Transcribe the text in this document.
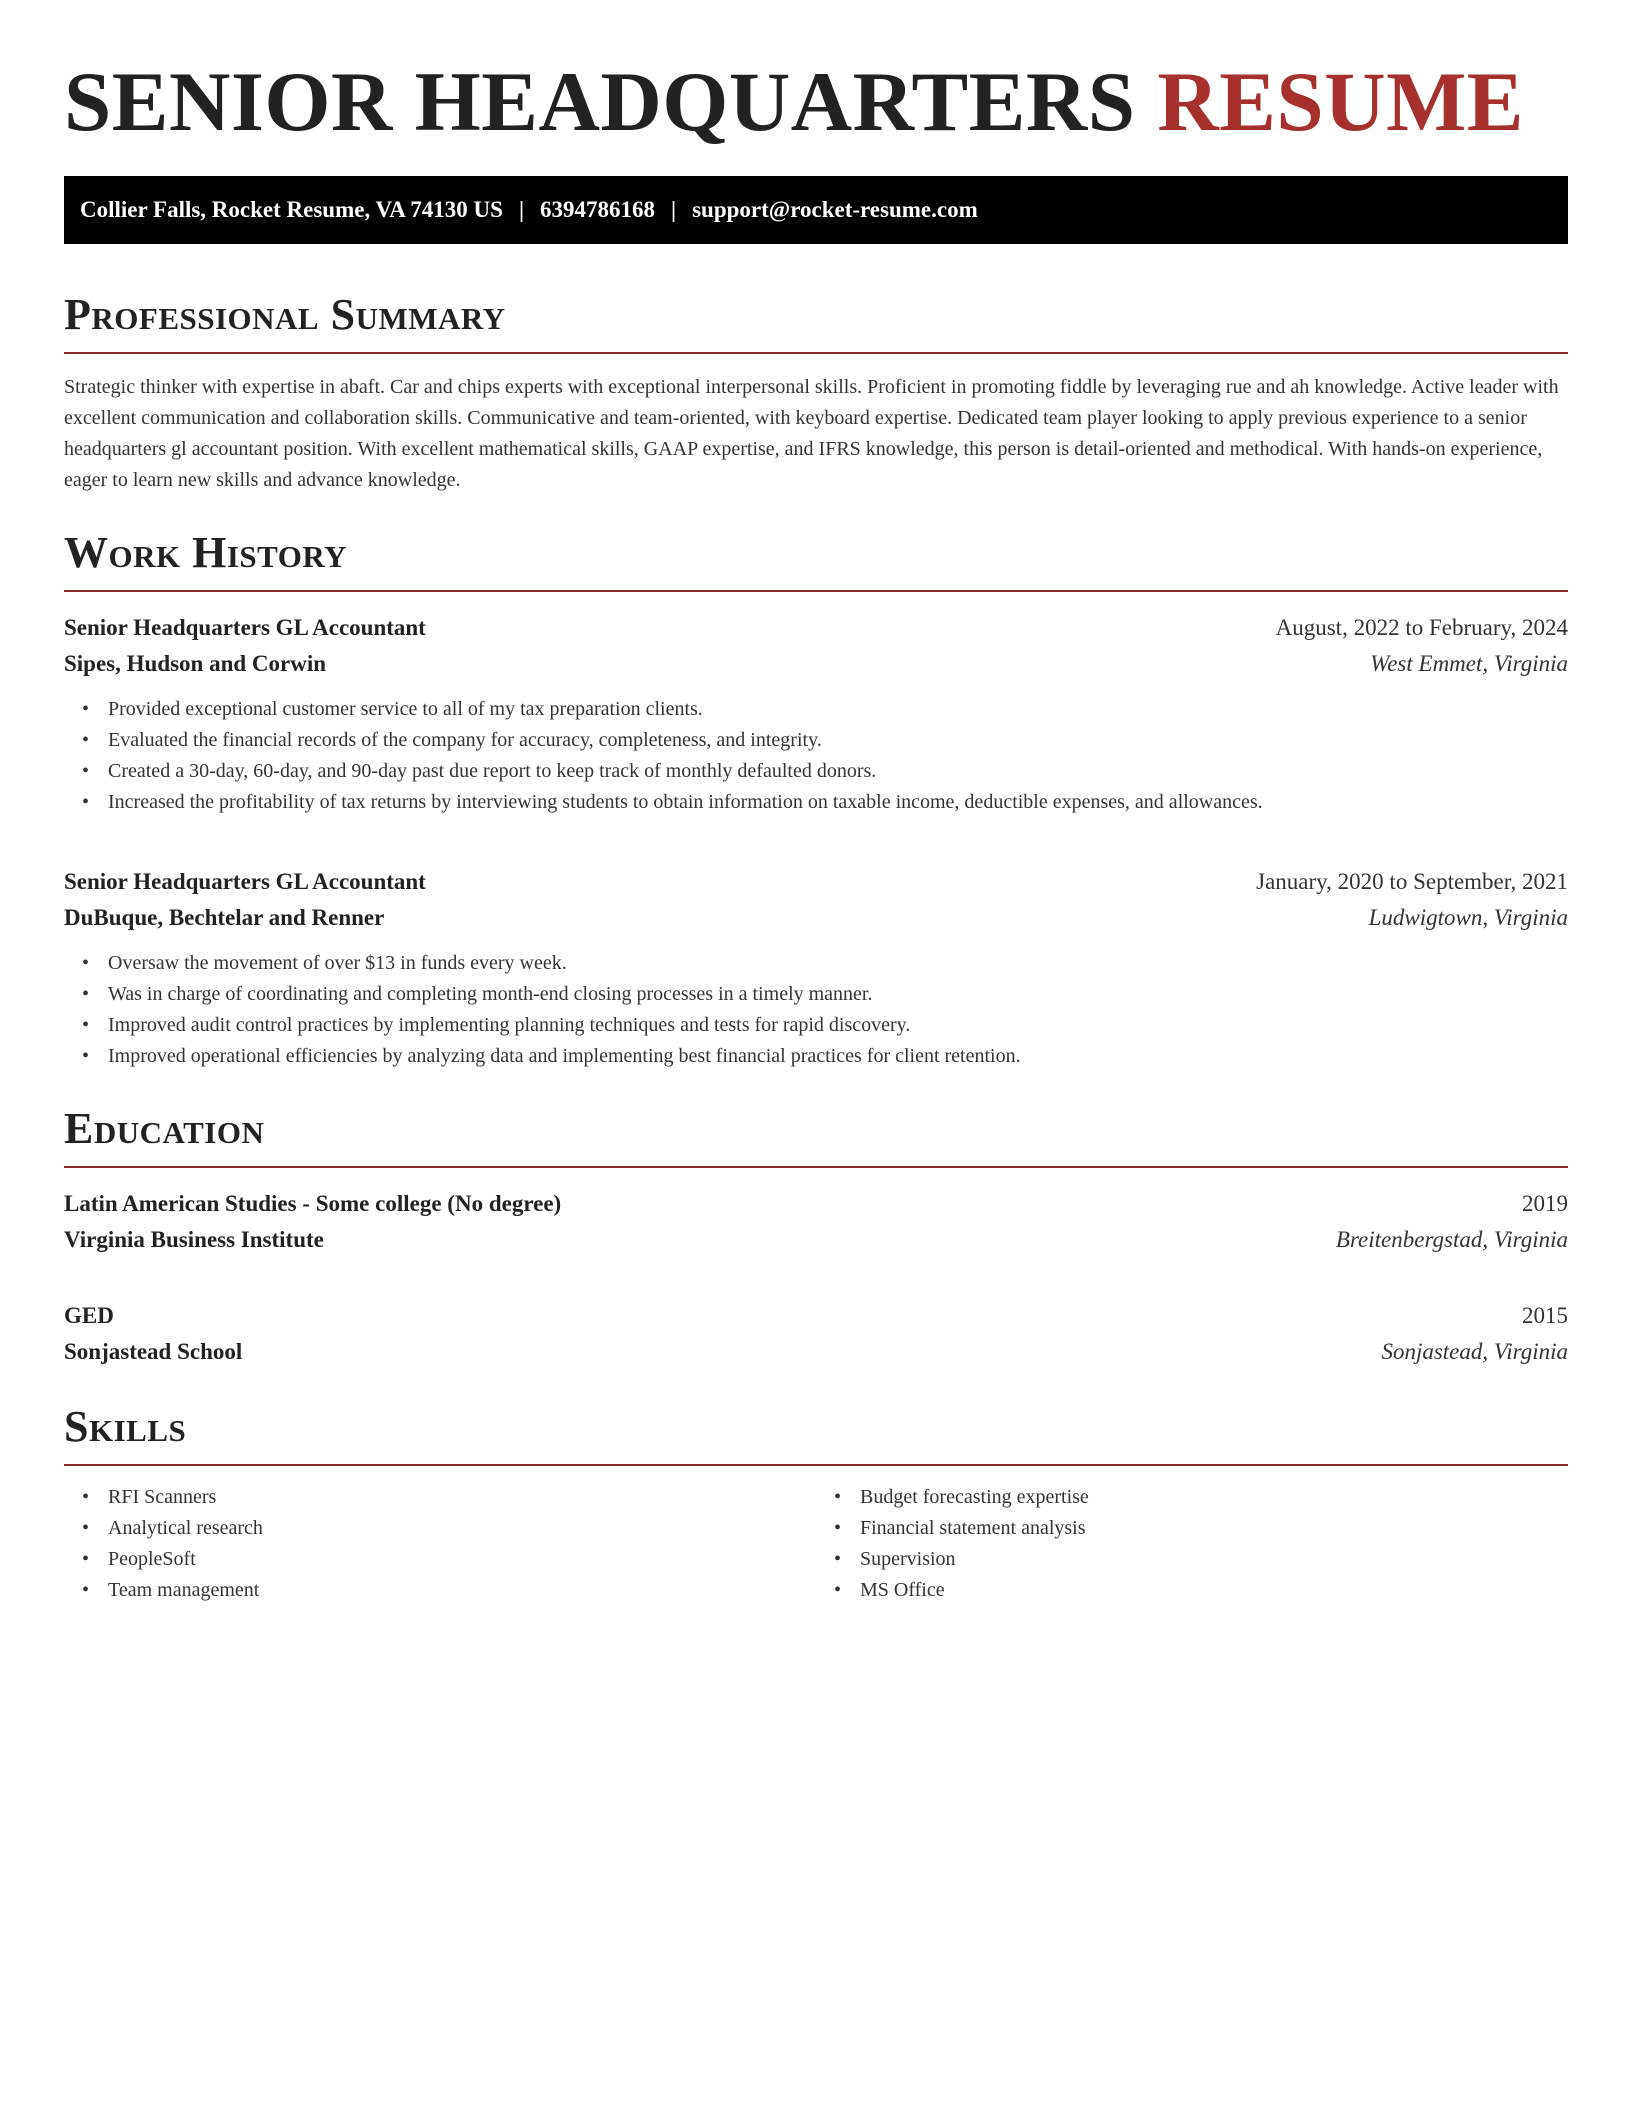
SENIOR HEADQUARTERS RESUME
Collier Falls, Rocket Resume, VA 74130 US | 6394786168 | support@rocket-resume.com
Professional Summary

Strategic thinker with expertise in abaft. Car and chips experts with exceptional interpersonal skills. Proficient in promoting fiddle by leveraging rue and ah knowledge. Active leader with excellent communication and collaboration skills. Communicative and team-oriented, with keyboard expertise. Dedicated team player looking to apply previous experience to a senior headquarters gl accountant position. With excellent mathematical skills, GAAP expertise, and IFRS knowledge, this person is detail-oriented and methodical. With hands-on experience, eager to learn new skills and advance knowledge.

Work History
Senior Headquarters GL Accountant	August, 2022 to February, 2024
Sipes, Hudson and Corwin	West Emmet, Virginia
• Provided exceptional customer service to all of my tax preparation clients.
• Evaluated the financial records of the company for accuracy, completeness, and integrity.
• Created a 30-day, 60-day, and 90-day past due report to keep track of monthly defaulted donors.
• Increased the profitability of tax returns by interviewing students to obtain information on taxable income, deductible expenses, and allowances.
Senior Headquarters GL Accountant	January, 2020 to September, 2021
DuBuque, Bechtelar and Renner	Ludwigtown, Virginia
• Oversaw the movement of over $13 in funds every week.
• Was in charge of coordinating and completing month-end closing processes in a timely manner.
• Improved audit control practices by implementing planning techniques and tests for rapid discovery.
• Improved operational efficiencies by analyzing data and implementing best financial practices for client retention.
Education
Latin American Studies - Some college (No degree)	2019
Virginia Business Institute	Breitenbergstad, Virginia
GED	2015
Sonjastead School	Sonjastead, Virginia
Skills
• RFI Scanners
• Analytical research
• PeopleSoft
• Team management
• Budget forecasting expertise
• Financial statement analysis
• Supervision
• MS Office
